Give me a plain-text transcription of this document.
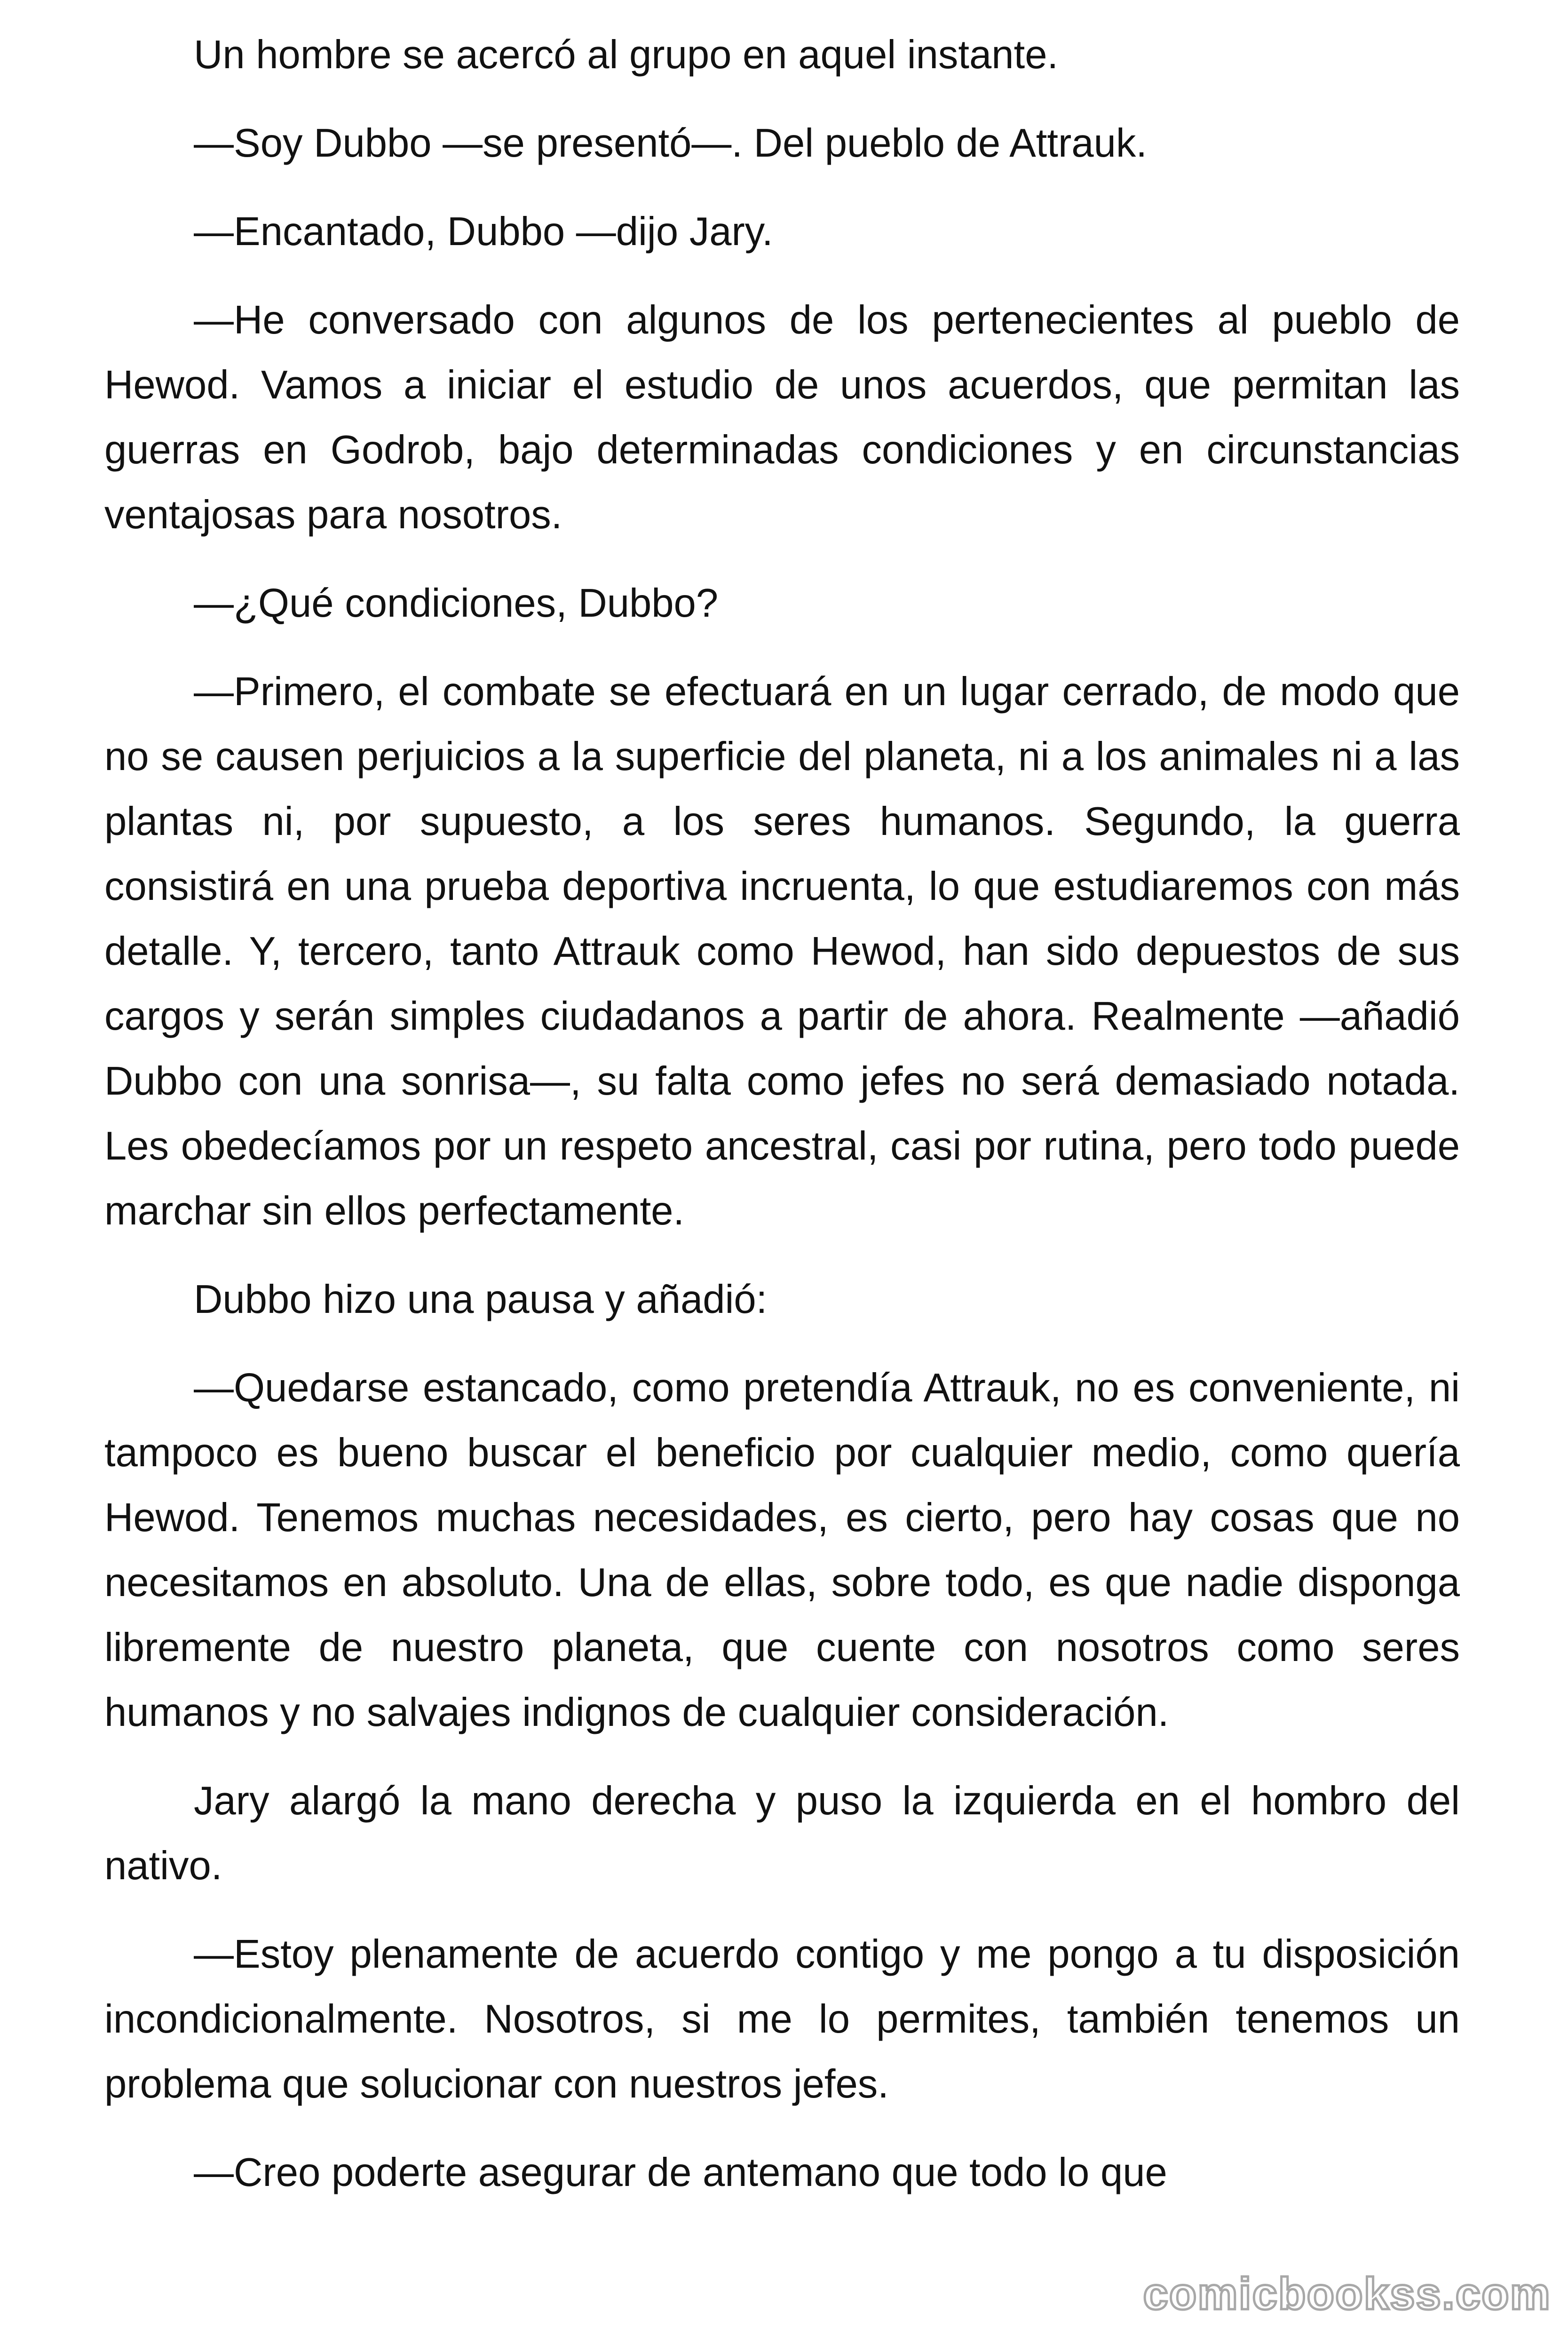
Un hombre se acercó al grupo en aquel instante.

—Soy Dubbo —se presentó—. Del pueblo de Attrauk.

—Encantado, Dubbo —dijo Jary.

—He conversado con algunos de los pertenecientes al pueblo de Hewod. Vamos a iniciar el estudio de unos acuerdos, que permitan las guerras en Godrob, bajo determinadas condiciones y en circunstancias ventajosas para nosotros.

—¿Qué condiciones, Dubbo?

—Primero, el combate se efectuará en un lugar cerrado, de modo que no se causen perjuicios a la superficie del planeta, ni a los animales ni a las plantas ni, por supuesto, a los seres humanos. Segundo, la guerra consistirá en una prueba deportiva incruenta, lo que estudiaremos con más detalle. Y, tercero, tanto Attrauk como Hewod, han sido depuestos de sus cargos y serán simples ciudadanos a partir de ahora. Realmente —añadió Dubbo con una sonrisa—, su falta como jefes no será demasiado notada. Les obedecíamos por un respeto ancestral, casi por rutina, pero todo puede marchar sin ellos perfectamente.

Dubbo hizo una pausa y añadió:

—Quedarse estancado, como pretendía Attrauk, no es conveniente, ni tampoco es bueno buscar el beneficio por cualquier medio, como quería Hewod. Tenemos muchas necesidades, es cierto, pero hay cosas que no necesitamos en absoluto. Una de ellas, sobre todo, es que nadie disponga libremente de nuestro planeta, que cuente con nosotros como seres humanos y no salvajes indignos de cualquier consideración.

Jary alargó la mano derecha y puso la izquierda en el hombro del nativo.

—Estoy plenamente de acuerdo contigo y me pongo a tu disposición incondicionalmente. Nosotros, si me lo permites, también tenemos un problema que solucionar con nuestros jefes.

—Creo poderte asegurar de antemano que todo lo que

comicbookss.com
